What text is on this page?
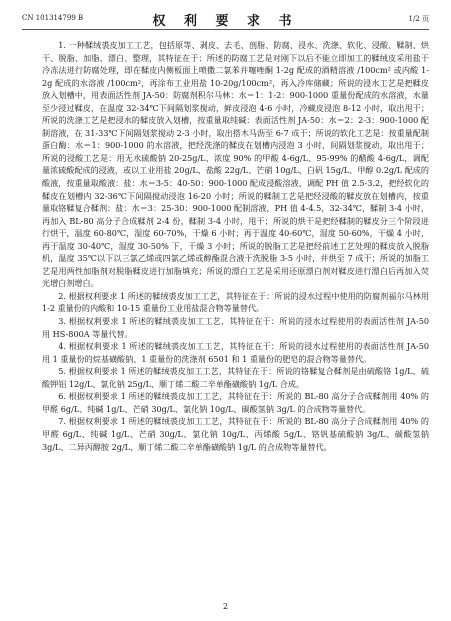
CN 101314799 B	权 利 要 求 书	1/2 页

1. 一种鞣绒裘皮加工工艺，包括原等、剥皮、去毛、剖脂、防腐、浸水、洗涤、软化、浸酸、鞣制、烘干、脱脂、加脂、漂白、整理，其特征在于：所述的防腐工艺是对刚下以后不能立即加工的鞣绒皮采用盐干冷冻法进行防腐处理，即在鞣皮内侧板面上喷撒二氯苯并噻唑酮 1-2g 配成的酒精溶液 /100cm² 或内酸 1-2g 配成的水溶液 /100cm²，再涂布工业用盐 10-20g/100cm²，再入冷库储藏；所说的浸水工艺是把鞣皮放入划槽中，用表面活性剂 JA-50：防腐剂积尔马林：水＝1：1-2：900-1000 重量份配成的水溶液，水量至少浸过鞣皮，在温度 32-34℃下间隔划浆搅动，鲜皮浸泡 4-6 小时，冷藏皮浸泡 8-12 小时，取出甩干；所说的洗涤工艺是把浸水的鞣皮放入划槽，按重量取纯碱：表面活性剂 JA-50：水＝2：2-3：900-1000 配制溶液，在 31-33℃下间隔划浆搅动 2-3 小时，取出搭木马沥至 6-7 成干；所说的软化工艺是：按重量配制蛋白酶：水＝1：900-1000 的水溶液，把经洗涤的鞣皮在划槽内浸泡 3 小时，间隔划浆搅动，取出甩干；所说的浸酸工艺是：用无水硫酸钠 20-25g/L、浓度 90% 的甲酸 4-6g/L、95-99% 的醋酸 4-6g/L，调配量浓硫酸配成的浸液，或以工业用盐 20g/L、盐酸 22g/L、芒硝 10g/L、白矾 15g/L、甲醇 0.2g/L 配成的酸液，按重量取酸液：盐：水＝3-5：40-50：900-1000 配成浸酸溶液，调配 PH 值 2.5-3.2，把经软化的鞣皮在划槽内 32-36℃下间隔搅动浸泡 16-20 小时；所说的鞣制工艺是把经浸酸的鞣皮放在划槽内，按重量取铬鞣复合鞣剂：盐：水＝3：25-30：900-1000 配制溶液，PH 值 4-4.5，32-34℃，鞣制 3-4 小时，再加入 BL-80 高分子合成鞣剂 2-4 份，鞣制 3-4 小时，甩干；所说的烘干是把经鞣制的鞣皮分三个阶段进行烘干，温度 60-80℃，湿度 60-70%，干燥 6 小时；再于温度 40-60℃，湿度 50-60%，干燥 4 小时，再于温度 30-40℃，湿度 30-50% 下，干燥 3 小时；所说的脱脂工艺是把经前述工艺处理的鞣皮放入脱脂机，温度 35℃以下以三氯乙烯或四氯乙烯或醇酯混合液干洗脱脂 3-5 小时，并烘至 7 成干；所说的加脂工艺是用两性加脂剂对脱脂鞣皮进行加脂填充；所说的漂白工艺是采用还原漂白剂对鞣皮进行漂白后再加入荧光增白剂增白。

2. 根据权利要求 1 所述的鞣绒裘皮加工工艺，其特征在于：所说的浸水过程中使用的防腐剂福尔马林用 1-2 重量份的内酸和 10-15 重量份工业用盐混合物等量替代。

3. 根据权利要求 1 所述的鞣绒裘皮加工工艺，其特征在于：所说的浸水过程使用的表面活性剂 JA-50 用 HS-800A 等量代替。

4. 根据权利要求 1 所述的鞣绒裘皮加工工艺，其特征在于：所说的浸水过程使用的表面活性剂 JA-50 用 1 重量份的烷基磺酸钠、1 重量份的洗涤剂 6501 和 1 重量份的肥皂的混合物等量替代。

5. 根据权利要求 1 所述的鞣绒裘皮加工工艺，其特征在于：所说的铬鞣复合鞣剂是由硫酸铬 1g/L、硫酸钾铝 12g/L、氯化钠 25g/L、顺丁烯二酸二辛单酯磺酸钠 1g/L 合成。

6. 根据权利要求 1 所述的鞣绒裘皮加工工艺，其特征在于：所说的 BL-80 高分子合成鞣剂用 40% 的甲醛 6g/L、纯碱 1g/L、芒硝 30g/L、氯化钠 10g/L、碳酸氢钠 3g/L 的合成物等量替代。

7. 根据权利要求 1 所述的鞣绒裘皮加工工艺，其特征在于：所说的 BL-80 高分子合成鞣剂用 40% 的甲醛 6g/L、纯碱 1g/L、芒硝 30g/L、氯化钠 10g/L、丙烯酸 5g/L、铬钒基硫酸钠 3g/L、碳酸氢钠 3g/L、二异丙醇胺 2g/L、顺丁烯二酸二辛单酯磺酸钠 1g/L 的合成物等量替代。

2
